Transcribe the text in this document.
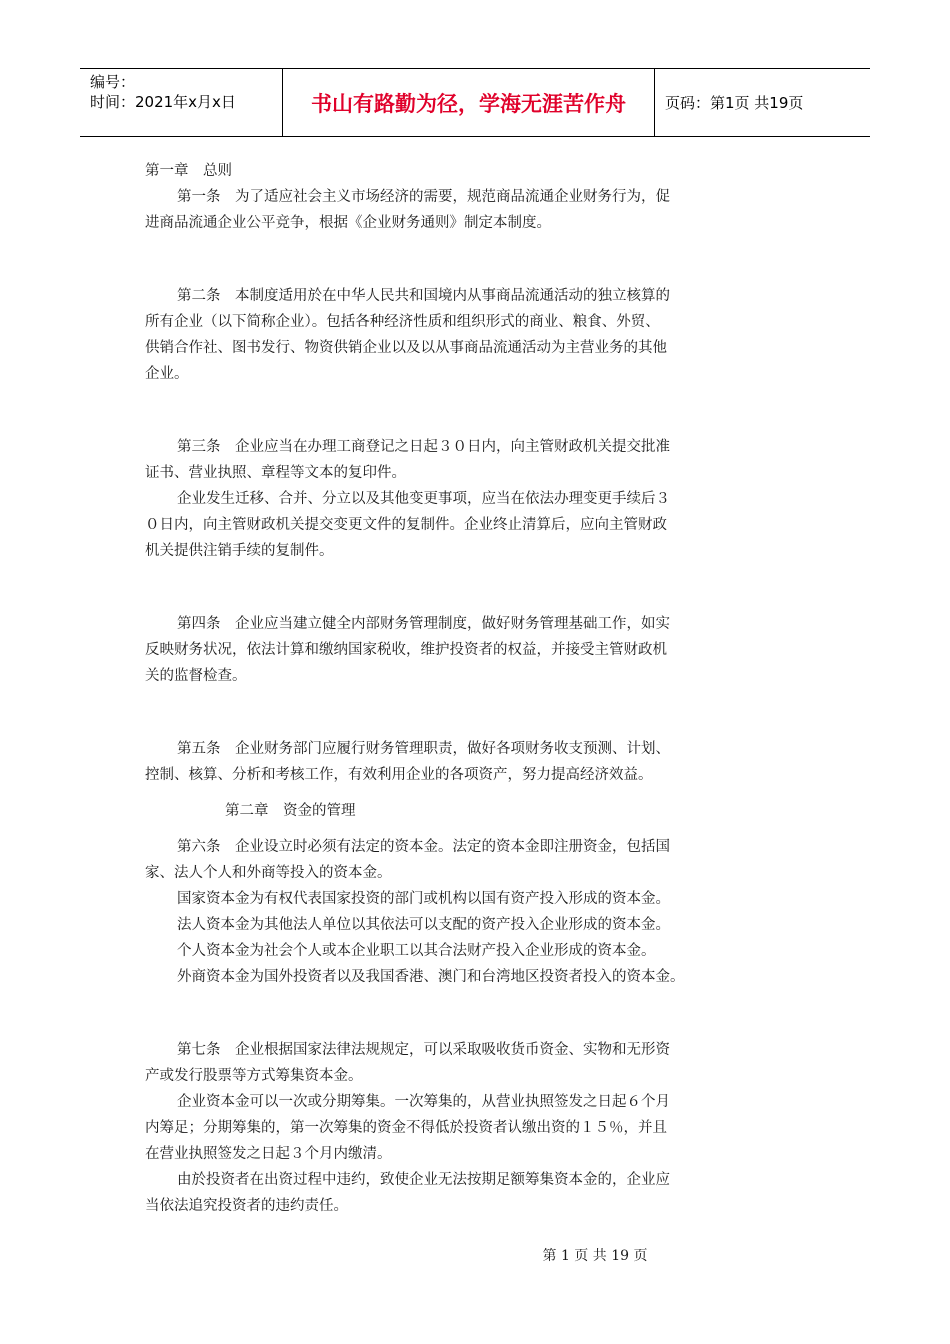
编号：
时间：2021年x月x日	书山有路勤为径，学海无涯苦作舟	页码：第1页 共19页
第一章　总则
第一条　为了适应社会主义市场经济的需要，规范商品流通企业财务行为，促
进商品流通企业公平竞争，根据《企业财务通则》制定本制度。
第二条　本制度适用於在中华人民共和国境内从事商品流通活动的独立核算的
所有企业（以下简称企业）。包括各种经济性质和组织形式的商业、粮食、外贸、
供销合作社、图书发行、物资供销企业以及以从事商品流通活动为主营业务的其他
企业。
第三条　企业应当在办理工商登记之日起３０日内，向主管财政机关提交批准
证书、营业执照、章程等文本的复印件。
企业发生迁移、合并、分立以及其他变更事项，应当在依法办理变更手续后３
０日内，向主管财政机关提交变更文件的复制件。企业终止清算后，应向主管财政
机关提供注销手续的复制件。
第四条　企业应当建立健全内部财务管理制度，做好财务管理基础工作，如实
反映财务状况，依法计算和缴纳国家税收，维护投资者的权益，并接受主管财政机
关的监督检查。
第五条　企业财务部门应履行财务管理职责，做好各项财务收支预测、计划、
控制、核算、分析和考核工作，有效利用企业的各项资产，努力提高经济效益。
第二章　资金的管理
第六条　企业设立时必须有法定的资本金。法定的资本金即注册资金，包括国
家、法人个人和外商等投入的资本金。
国家资本金为有权代表国家投资的部门或机构以国有资产投入形成的资本金。
法人资本金为其他法人单位以其依法可以支配的资产投入企业形成的资本金。
个人资本金为社会个人或本企业职工以其合法财产投入企业形成的资本金。
外商资本金为国外投资者以及我国香港、澳门和台湾地区投资者投入的资本金。
第七条　企业根据国家法律法规规定，可以采取吸收货币资金、实物和无形资
产或发行股票等方式筹集资本金。
企业资本金可以一次或分期筹集。一次筹集的，从营业执照签发之日起６个月
内筹足；分期筹集的，第一次筹集的资金不得低於投资者认缴出资的１５％，并且
在营业执照签发之日起３个月内缴清。
由於投资者在出资过程中违约，致使企业无法按期足额筹集资本金的，企业应
当依法追究投资者的违约责任。
第 1 页 共 19 页
